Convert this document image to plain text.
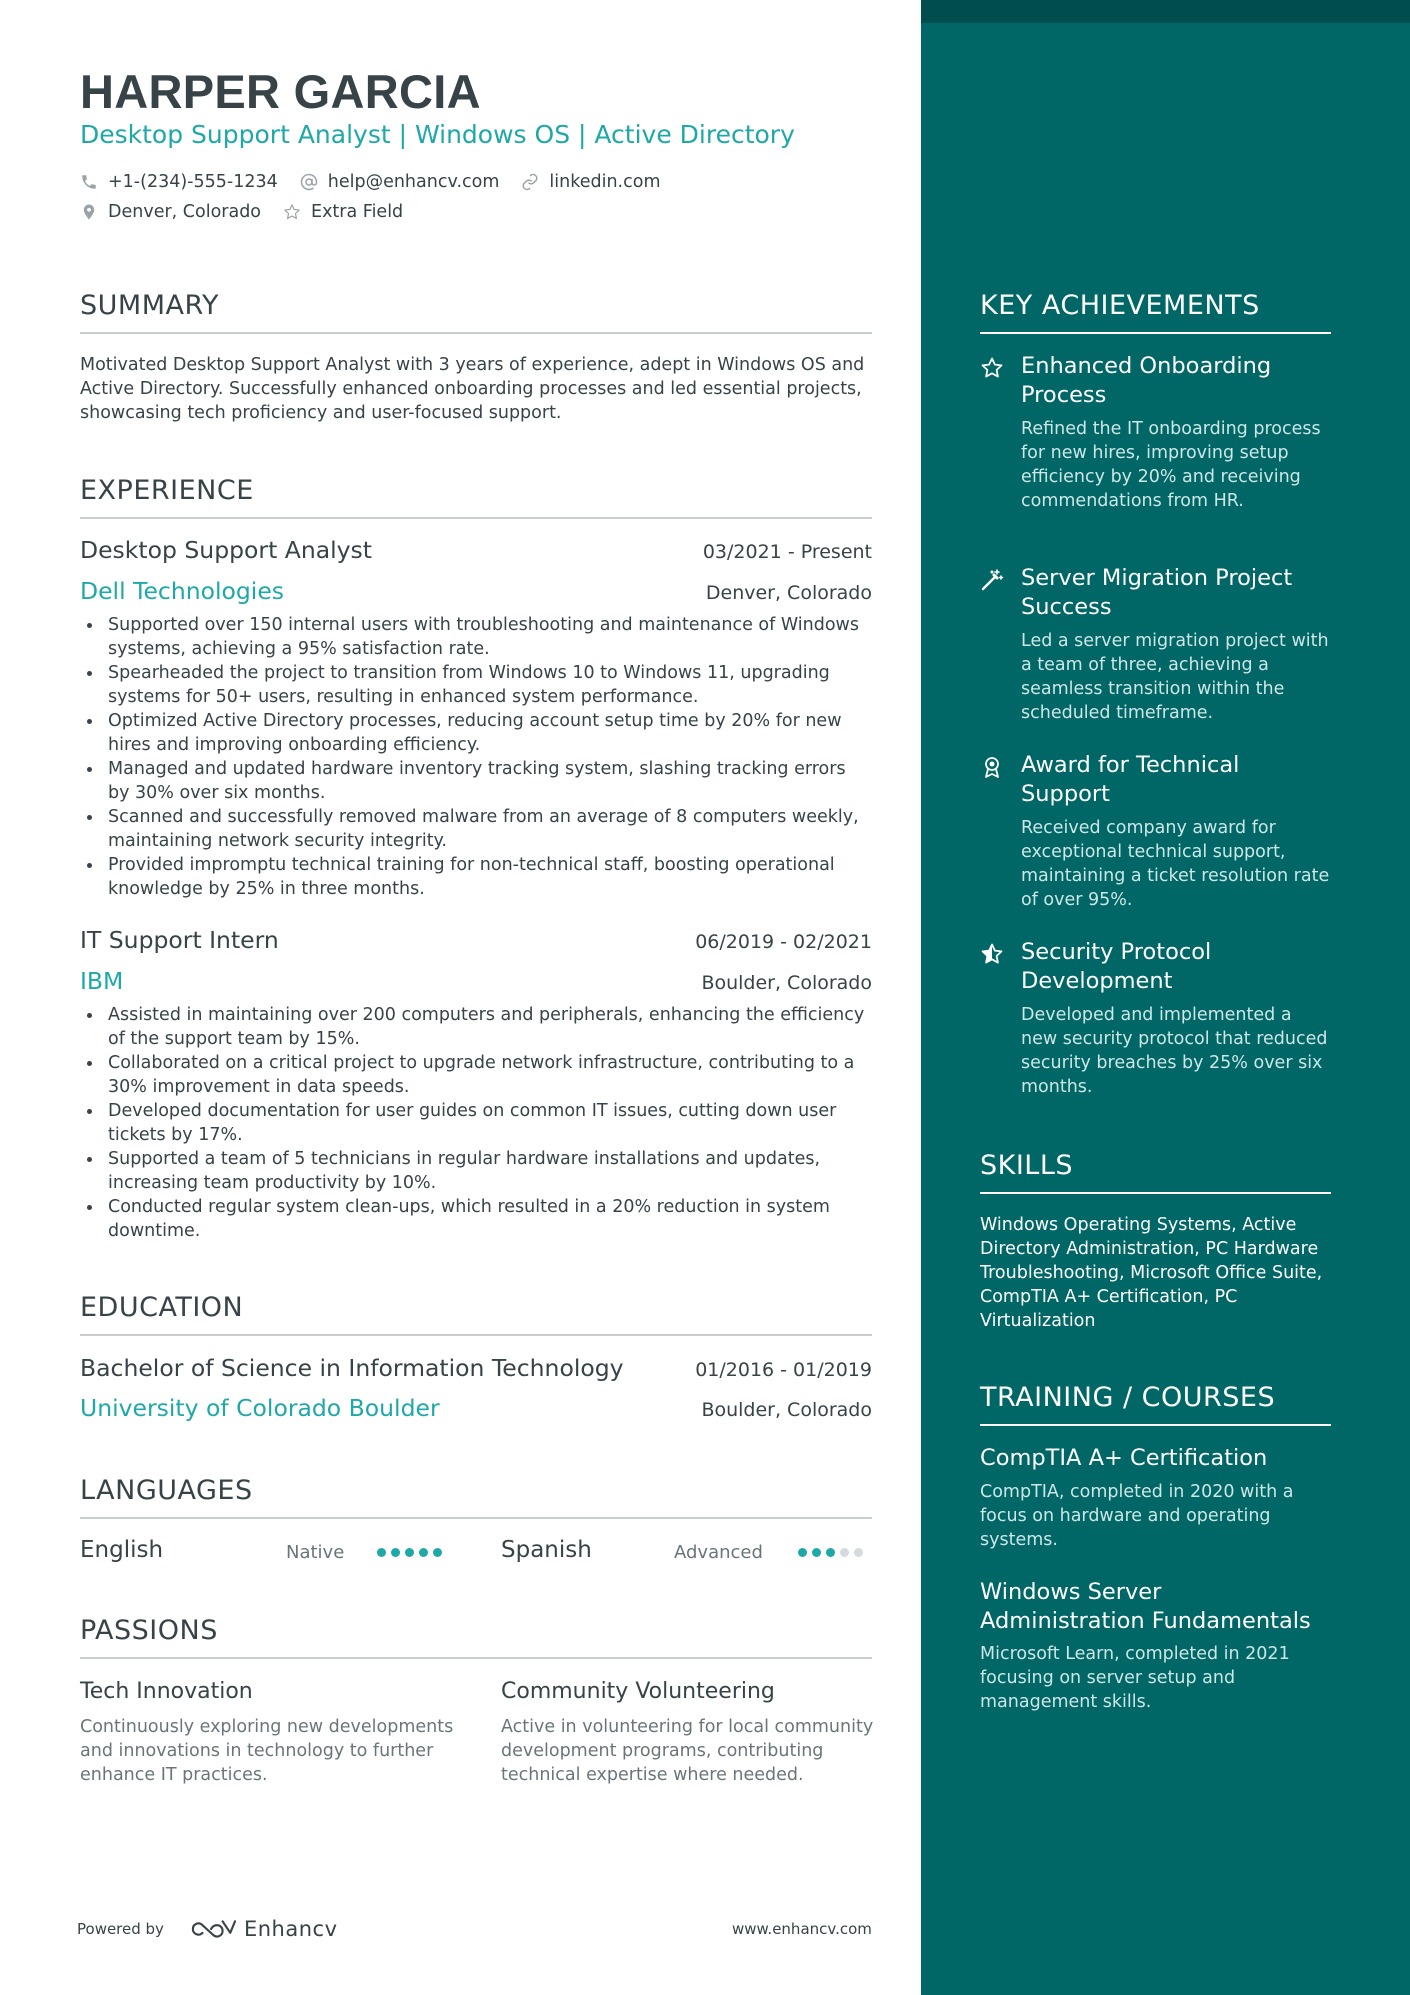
HARPER GARCIA
Desktop Support Analyst | Windows OS | Active Directory
+1-(234)-555-1234	help@enhancv.com	linkedin.com
Denver, Colorado	Extra Field
SUMMARY
Motivated Desktop Support Analyst with 3 years of experience, adept in Windows OS and Active Directory. Successfully enhanced onboarding processes and led essential projects, showcasing tech proficiency and user-focused support.
EXPERIENCE
Desktop Support Analyst	03/2021 - Present
Dell Technologies	Denver, Colorado
Supported over 150 internal users with troubleshooting and maintenance of Windows systems, achieving a 95% satisfaction rate.
Spearheaded the project to transition from Windows 10 to Windows 11, upgrading systems for 50+ users, resulting in enhanced system performance.
Optimized Active Directory processes, reducing account setup time by 20% for new hires and improving onboarding efficiency.
Managed and updated hardware inventory tracking system, slashing tracking errors by 30% over six months.
Scanned and successfully removed malware from an average of 8 computers weekly, maintaining network security integrity.
Provided impromptu technical training for non-technical staff, boosting operational knowledge by 25% in three months.
IT Support Intern	06/2019 - 02/2021
IBM	Boulder, Colorado
Assisted in maintaining over 200 computers and peripherals, enhancing the efficiency of the support team by 15%.
Collaborated on a critical project to upgrade network infrastructure, contributing to a 30% improvement in data speeds.
Developed documentation for user guides on common IT issues, cutting down user tickets by 17%.
Supported a team of 5 technicians in regular hardware installations and updates, increasing team productivity by 10%.
Conducted regular system clean-ups, which resulted in a 20% reduction in system downtime.
EDUCATION
Bachelor of Science in Information Technology	01/2016 - 01/2019
University of Colorado Boulder	Boulder, Colorado
LANGUAGES
English	Native	Spanish	Advanced
PASSIONS
Tech Innovation
Continuously exploring new developments and innovations in technology to further enhance IT practices.
Community Volunteering
Active in volunteering for local community development programs, contributing technical expertise where needed.
Powered by	Enhancv	www.enhancv.com
KEY ACHIEVEMENTS
Enhanced Onboarding Process
Refined the IT onboarding process for new hires, improving setup efficiency by 20% and receiving commendations from HR.
Server Migration Project Success
Led a server migration project with a team of three, achieving a seamless transition within the scheduled timeframe.
Award for Technical Support
Received company award for exceptional technical support, maintaining a ticket resolution rate of over 95%.
Security Protocol Development
Developed and implemented a new security protocol that reduced security breaches by 25% over six months.
SKILLS
Windows Operating Systems, Active Directory Administration, PC Hardware Troubleshooting, Microsoft Office Suite, CompTIA A+ Certification, PC Virtualization
TRAINING / COURSES
CompTIA A+ Certification
CompTIA, completed in 2020 with a focus on hardware and operating systems.
Windows Server Administration Fundamentals
Microsoft Learn, completed in 2021 focusing on server setup and management skills.
